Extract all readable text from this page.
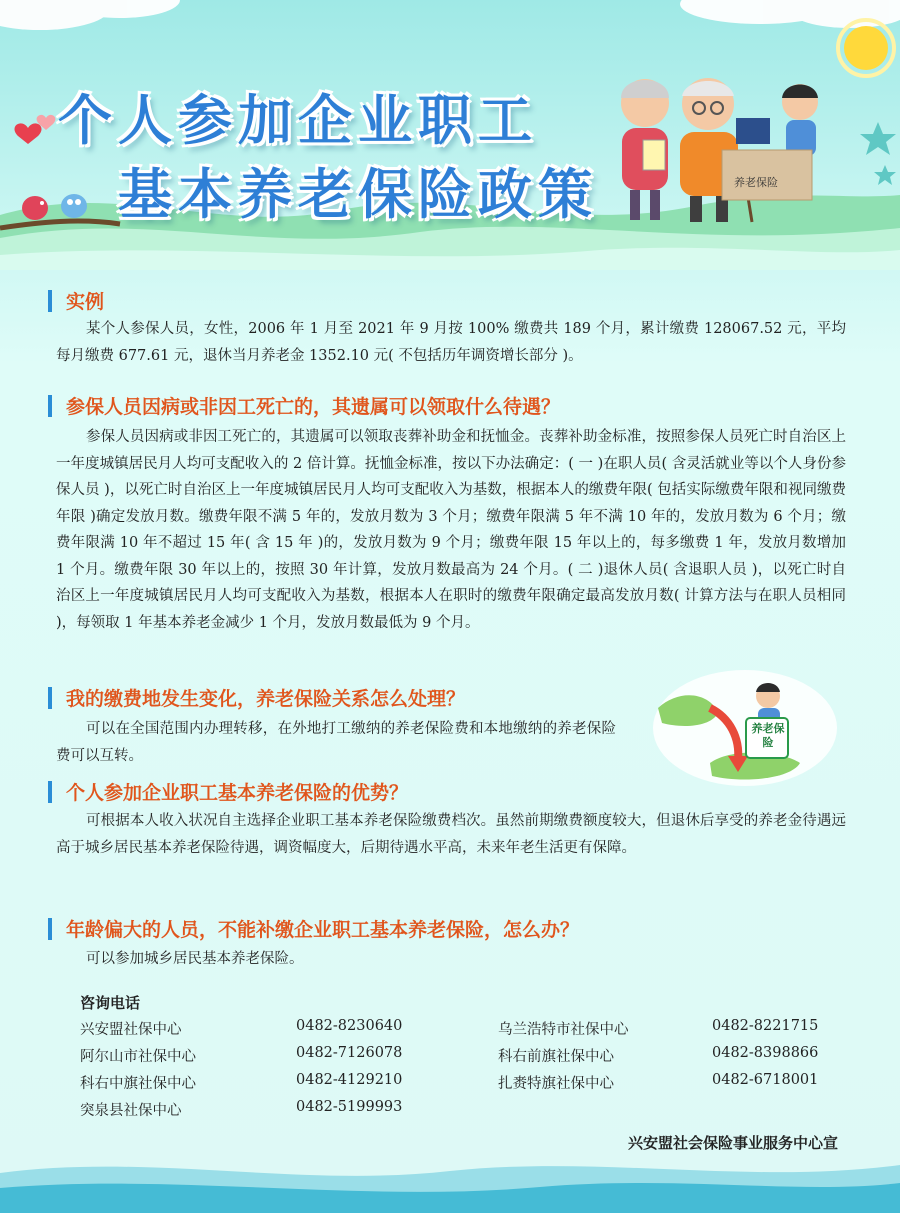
个人参加企业职工
基本养老保险政策	养老保险
实例

某个人参保人员，女性，2006 年 1 月至 2021 年 9 月按 100% 缴费共 189 个月，累计缴费 128067.52 元，平均每月缴费 677.61 元，退休当月养老金 1352.10 元( 不包括历年调资增长部分 )。

参保人员因病或非因工死亡的，其遗属可以领取什么待遇？

参保人员因病或非因工死亡的，其遗属可以领取丧葬补助金和抚恤金。丧葬补助金标准，按照参保人员死亡时自治区上一年度城镇居民月人均可支配收入的 2 倍计算。抚恤金标准，按以下办法确定：( 一 )在职人员( 含灵活就业等以个人身份参保人员 )，以死亡时自治区上一年度城镇居民月人均可支配收入为基数，根据本人的缴费年限( 包括实际缴费年限和视同缴费年限 )确定发放月数。缴费年限不满 5 年的，发放月数为 3 个月；缴费年限满 5 年不满 10 年的，发放月数为 6 个月；缴费年限满 10 年不超过 15 年( 含 15 年 )的，发放月数为 9 个月；缴费年限 15 年以上的，每多缴费 1 年，发放月数增加 1 个月。缴费年限 30 年以上的，按照 30 年计算，发放月数最高为 24 个月。( 二 )退休人员( 含退职人员 )，以死亡时自治区上一年度城镇居民月人均可支配收入为基数，根据本人在职时的缴费年限确定最高发放月数( 计算方法与在职人员相同 )，每领取 1 年基本养老金减少 1 个月，发放月数最低为 9 个月。

我的缴费地发生变化，养老保险关系怎么处理？

可以在全国范围内办理转移，在外地打工缴纳的养老保险费和本地缴纳的养老保险费可以互转。

养老保险
个人参加企业职工基本养老保险的优势？

可根据本人收入状况自主选择企业职工基本养老保险缴费档次。虽然前期缴费额度较大，但退休后享受的养老金待遇远高于城乡居民基本养老保险待遇，调资幅度大，后期待遇水平高，未来年老生活更有保障。

年龄偏大的人员，不能补缴企业职工基本养老保险，怎么办？

可以参加城乡居民基本养老保险。

咨询电话
兴安盟社保中心	0482-8230640
阿尔山市社保中心	0482-7126078
科右中旗社保中心	0482-4129210
突泉县社保中心	0482-5199993
乌兰浩特市社保中心	0482-8221715
科右前旗社保中心	0482-8398866
扎赉特旗社保中心	0482-6718001
兴安盟社会保险事业服务中心宣
